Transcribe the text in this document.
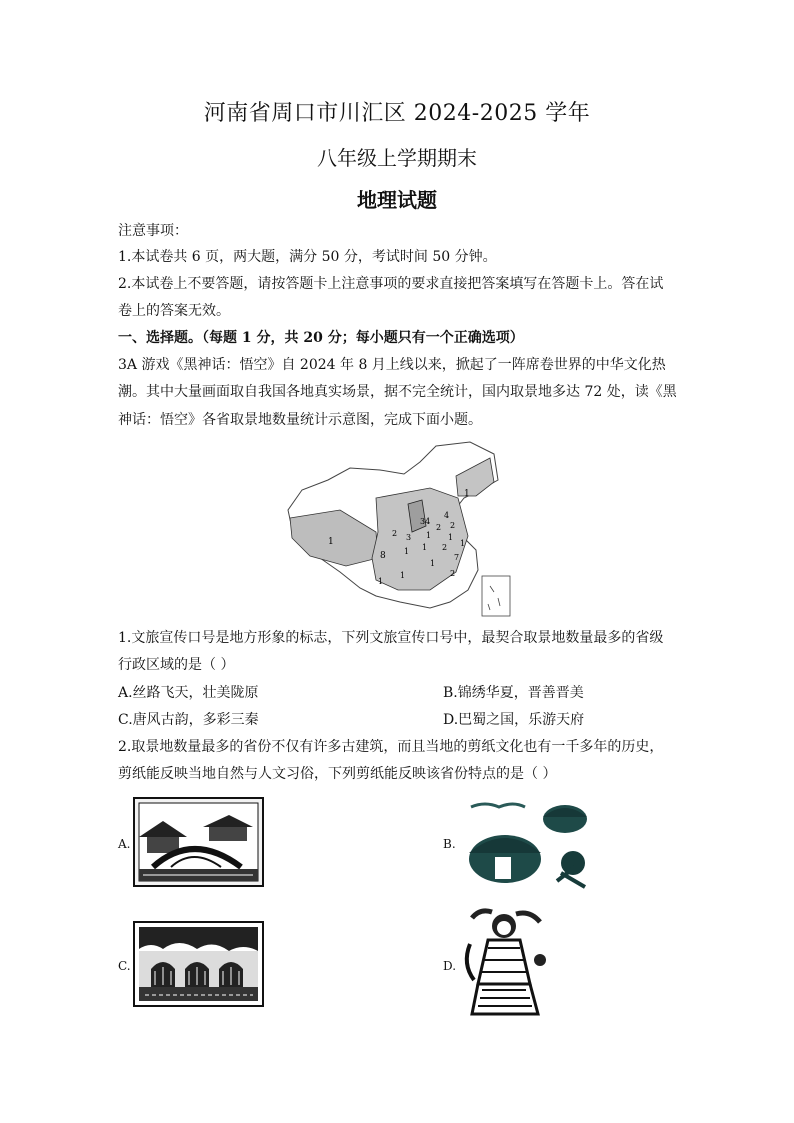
河南省周口市川汇区 2024-2025 学年
八年级上学期期末
地理试题
注意事项：
1.本试卷共 6 页，两大题，满分 50 分，考试时间 50 分钟。
2.本试卷上不要答题，请按答题卡上注意事项的要求直接把答案填写在答题卡上。答在试
卷上的答案无效。
一、选择题。（每题 1 分，共 20 分；每小题只有一个正确选项）
3A 游戏《黑神话：悟空》自 2024 年 8 月上线以来，掀起了一阵席卷世界的中华文化热
潮。其中大量画面取自我国各地真实场景，据不完全统计，国内取景地多达 72 处，读《黑
神话：悟空》各省取景地数量统计示意图，完成下面小题。
1
1
4
2
34
2
2
3 1 1
2
1
8 1
7
2
1
1
1
1
1.文旅宣传口号是地方形象的标志，下列文旅宣传口号中，最契合取景地数量最多的省级
行政区域的是（ ）
A.丝路飞天，壮美陇原	B.锦绣华夏，晋善晋美
C.唐风古韵，多彩三秦	D.巴蜀之国，乐游天府
2.取景地数量最多的省份不仅有许多古建筑，而且当地的剪纸文化也有一千多年的历史，
剪纸能反映当地自然与人文习俗，下列剪纸能反映该省份特点的是（ ）
A.	B.
C.	D.
